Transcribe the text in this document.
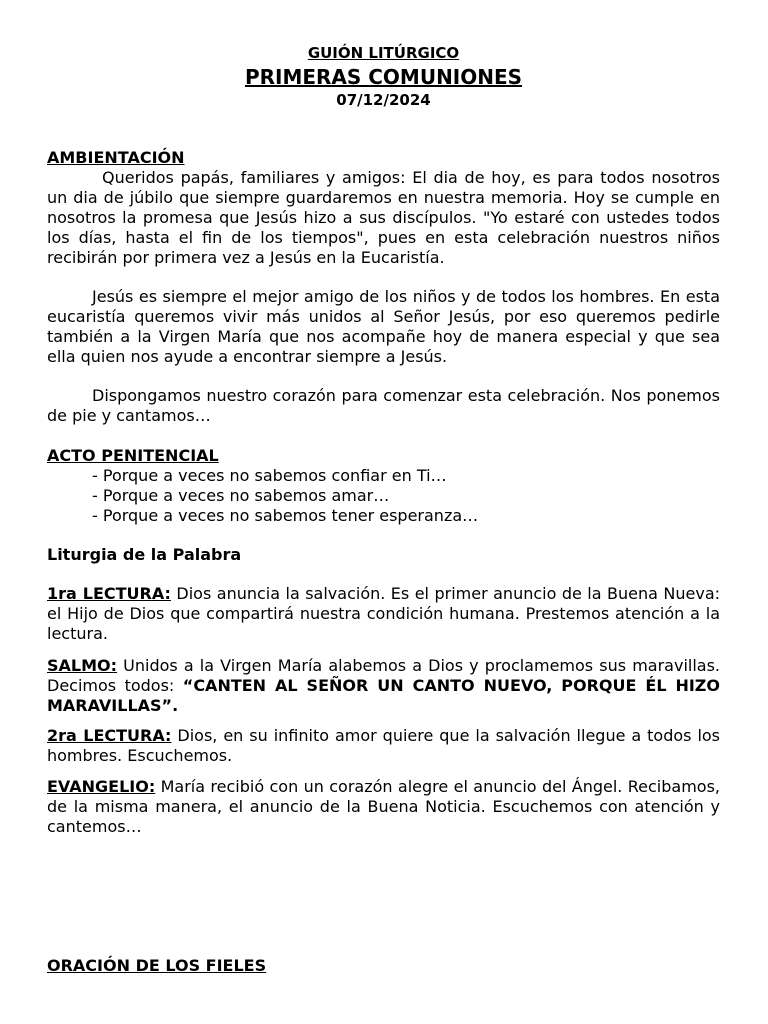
GUIÓN LITÚRGICO
PRIMERAS COMUNIONES
07/12/2024
AMBIENTACIÓN

Queridos papás, familiares y amigos: El dia de hoy, es para todos nosotros un dia de júbilo que siempre guardaremos en nuestra memoria. Hoy se cumple en nosotros la promesa que Jesús hizo a sus discípulos. "Yo estaré con ustedes todos los días, hasta el fin de los tiempos", pues en esta celebración nuestros niños recibirán por primera vez a Jesús en la Eucaristía.

Jesús es siempre el mejor amigo de los niños y de todos los hombres. En esta eucaristía queremos vivir más unidos al Señor Jesús, por eso queremos pedirle también a la Virgen María que nos acompañe hoy de manera especial y que sea ella quien nos ayude a encontrar siempre a Jesús.

Dispongamos nuestro corazón para comenzar esta celebración. Nos ponemos de pie y cantamos…

ACTO PENITENCIAL

- Porque a veces no sabemos confiar en Ti…

- Porque a veces no sabemos amar…

- Porque a veces no sabemos tener esperanza…

Liturgia de la Palabra

1ra LECTURA: Dios anuncia la salvación. Es el primer anuncio de la Buena Nueva: el Hijo de Dios que compartirá nuestra condición humana. Prestemos atención a la lectura.

SALMO: Unidos a la Virgen María alabemos a Dios y proclamemos sus maravillas. Decimos todos: “CANTEN AL SEÑOR UN CANTO NUEVO, PORQUE ÉL HIZO MARAVILLAS”.

2ra LECTURA: Dios, en su infinito amor quiere que la salvación llegue a todos los hombres. Escuchemos.

EVANGELIO: María recibió con un corazón alegre el anuncio del Ángel. Recibamos, de la misma manera, el anuncio de la Buena Noticia. Escuchemos con atención y cantemos…

ORACIÓN DE LOS FIELES
